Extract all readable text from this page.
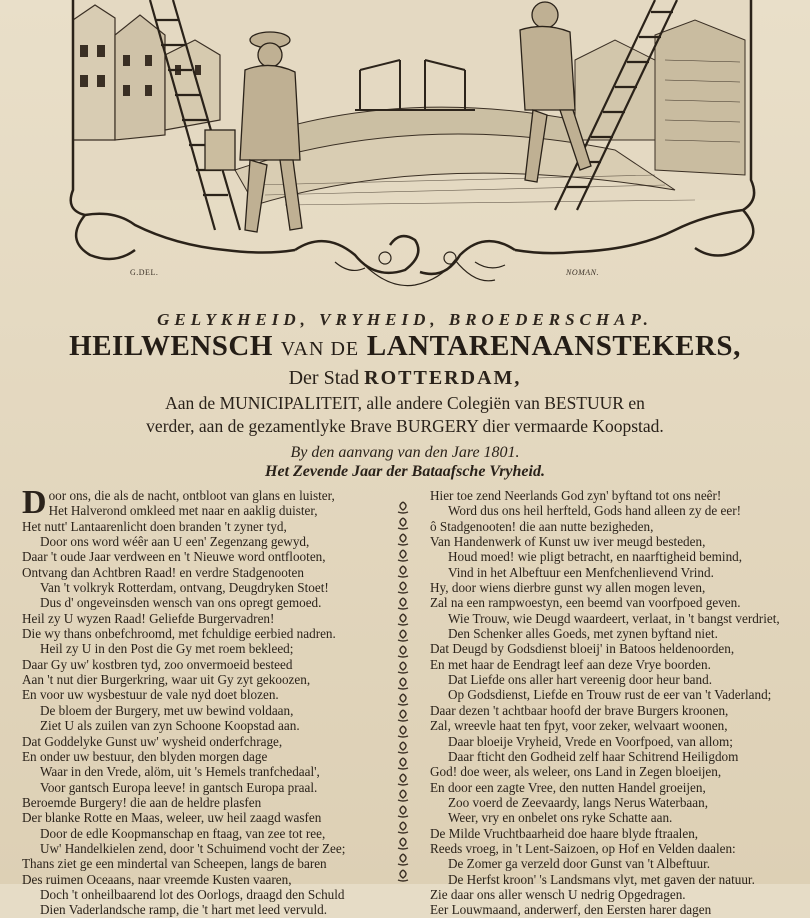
G.DEL.	NOMAN.
GELYKHEID, VRYHEID, BROEDERSCHAP.
HEILWENSCH VAN DE LANTARENAANSTEKERS,
Der Stad ROTTERDAM,
Aan de MUNICIPALITEIT, alle andere Colegiën van BESTUUR en
verder, aan de gezamentlyke Brave BURGERY dier vermaarde Koopstad.
By den aanvang van den Jare 1801.
Het Zevende Jaar der Bataafsche Vryheid.
D oor ons, die als de nacht, ontbloot van glans en luister,
Het Halverond omkleed met naar en aaklig duister,
Het nutt' Lantaarenlicht doen branden 't zyner tyd,
Door ons word wéêr aan U een' Zegenzang gewyd,
Daar 't oude Jaar verdween en 't Nieuwe word ontflooten,
Ontvang dan Achtbren Raad! en verdre Stadgenooten
Van 't volkryk Rotterdam, ontvang, Deugdryken Stoet!
Dus d' ongeveinsden wensch van ons opregt gemoed.
Heil zy U wyzen Raad! Geliefde Burgervadren!
Die wy thans onbefchroomd, met fchuldige eerbied nadren.
Heil zy U in den Post die Gy met roem bekleed;
Daar Gy uw' kostbren tyd, zoo onvermoeid besteed
Aan 't nut dier Burgerkring, waar uit Gy zyt gekoozen,
En voor uw wysbestuur de vale nyd doet blozen.
De bloem der Burgery, met uw bewind voldaan,
Ziet U als zuilen van zyn Schoone Koopstad aan.
Dat Goddelyke Gunst uw' wysheid onderfchrage,
En onder uw bestuur, den blyden morgen dage
Waar in den Vrede, alöm, uit 's Hemels tranfchedaal',
Voor gantsch Europa leeve! in gantsch Europa praal.
Beroemde Burgery! die aan de heldre plasfen
Der blanke Rotte en Maas, weleer, uw heil zaagd wasfen
Door de edle Koopmanschap en ftaag, van zee tot ree,
Uw' Handelkielen zend, door 't Schuimend vocht der Zee;
Thans ziet ge een mindertal van Scheepen, langs de baren
Des ruimen Oceaans, naar vreemde Kusten vaaren,
Doch 't onheilbaarend lot des Oorlogs, draagd den Schuld
Dien Vaderlandsche ramp, die 't hart met leed vervuld.
Hier toe zend Neerlands God zyn' byftand tot ons neêr!
Word dus ons heil herfteld, Gods hand alleen zy de eer!
ô Stadgenooten! die aan nutte bezigheden,
Van Handenwerk of Kunst uw iver meugd besteden,
Houd moed! wie pligt betracht, en naarftigheid bemind,
Vind in het Albeftuur een Menfchenlievend Vrind.
Hy, door wiens dierbre gunst wy allen mogen leven,
Zal na een rampwoestyn, een beemd van voorfpoed geven.
Wie Trouw, wie Deugd waardeert, verlaat, in 't bangst verdriet,
Den Schenker alles Goeds, met zynen byftand niet.
Dat Deugd by Godsdienst bloeij' in Batoos heldenoorden,
En met haar de Eendragt leef aan deze Vrye boorden.
Dat Liefde ons aller hart vereenig door heur band.
Op Godsdienst, Liefde en Trouw rust de eer van 't Vaderland;
Daar dezen 't achtbaar hoofd der brave Burgers kroonen,
Zal, wreevle haat ten fpyt, voor zeker, welvaart woonen,
Daar bloeije Vryheid, Vrede en Voorfpoed, van allom;
Daar fticht den Godheid zelf haar Schitrend Heiligdom
God! doe weer, als weleer, ons Land in Zegen bloeijen,
En door een zagte Vree, den nutten Handel groeijen,
Zoo voerd de Zeevaardy, langs Nerus Waterbaan,
Weer, vry en onbelet ons ryke Schatte aan.
De Milde Vruchtbaarheid doe haare blyde ftraalen,
Reeds vroeg, in 't Lent-Saizoen, op Hof en Velden daalen:
De Zomer ga verzeld door Gunst van 't Albeftuur.
De Herfst kroon' 's Landsmans vlyt, met gaven der natuur.
Zie daar ons aller wensch U nedrig Opgedragen.
Eer Louwmaand, anderwerf, den Eersten harer dagen
